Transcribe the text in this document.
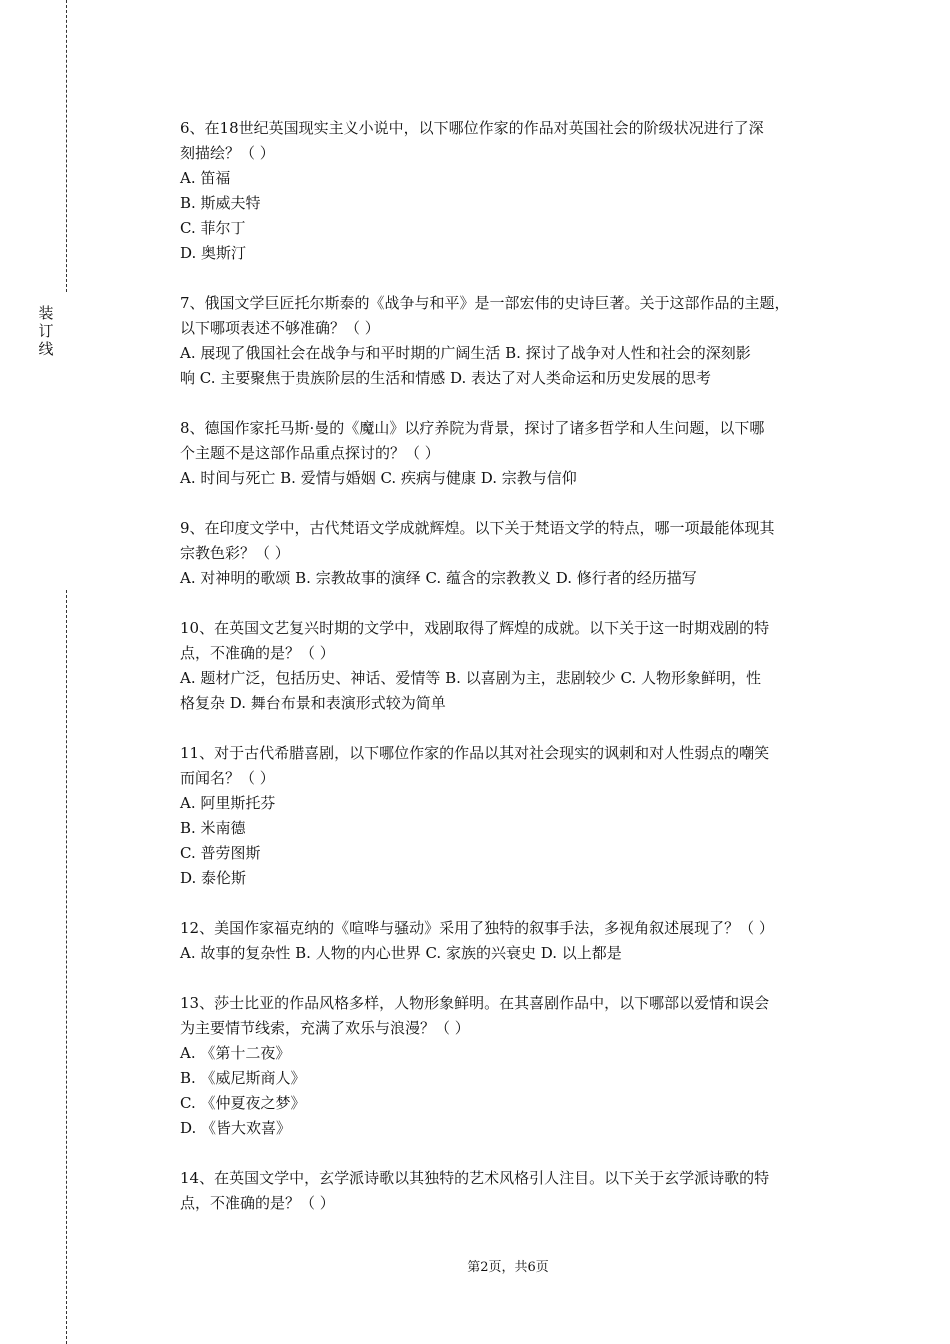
装订线
6、在18世纪英国现实主义小说中，以下哪位作家的作品对英国社会的阶级状况进行了深
刻描绘？（ ）
A. 笛福
B. 斯威夫特
C. 菲尔丁
D. 奥斯汀
7、俄国文学巨匠托尔斯泰的《战争与和平》是一部宏伟的史诗巨著。关于这部作品的主题，
以下哪项表述不够准确？（ ）
A. 展现了俄国社会在战争与和平时期的广阔生活 B. 探讨了战争对人性和社会的深刻影
响 C. 主要聚焦于贵族阶层的生活和情感 D. 表达了对人类命运和历史发展的思考
8、德国作家托马斯·曼的《魔山》以疗养院为背景，探讨了诸多哲学和人生问题，以下哪
个主题不是这部作品重点探讨的？（ ）
A. 时间与死亡 B. 爱情与婚姻 C. 疾病与健康 D. 宗教与信仰
9、在印度文学中，古代梵语文学成就辉煌。以下关于梵语文学的特点，哪一项最能体现其
宗教色彩？（ ）
A. 对神明的歌颂 B. 宗教故事的演绎 C. 蕴含的宗教教义 D. 修行者的经历描写
10、在英国文艺复兴时期的文学中，戏剧取得了辉煌的成就。以下关于这一时期戏剧的特
点，不准确的是？（ ）
A. 题材广泛，包括历史、神话、爱情等 B. 以喜剧为主，悲剧较少 C. 人物形象鲜明，性
格复杂 D. 舞台布景和表演形式较为简单
11、对于古代希腊喜剧，以下哪位作家的作品以其对社会现实的讽刺和对人性弱点的嘲笑
而闻名？（ ）
A. 阿里斯托芬
B. 米南德
C. 普劳图斯
D. 泰伦斯
12、美国作家福克纳的《喧哗与骚动》采用了独特的叙事手法，多视角叙述展现了？（ ）
A. 故事的复杂性 B. 人物的内心世界 C. 家族的兴衰史 D. 以上都是
13、莎士比亚的作品风格多样，人物形象鲜明。在其喜剧作品中，以下哪部以爱情和误会
为主要情节线索，充满了欢乐与浪漫？（ ）
A. 《第十二夜》
B. 《威尼斯商人》
C. 《仲夏夜之梦》
D. 《皆大欢喜》
14、在英国文学中，玄学派诗歌以其独特的艺术风格引人注目。以下关于玄学派诗歌的特
点，不准确的是？（ ）
第2页，共6页
